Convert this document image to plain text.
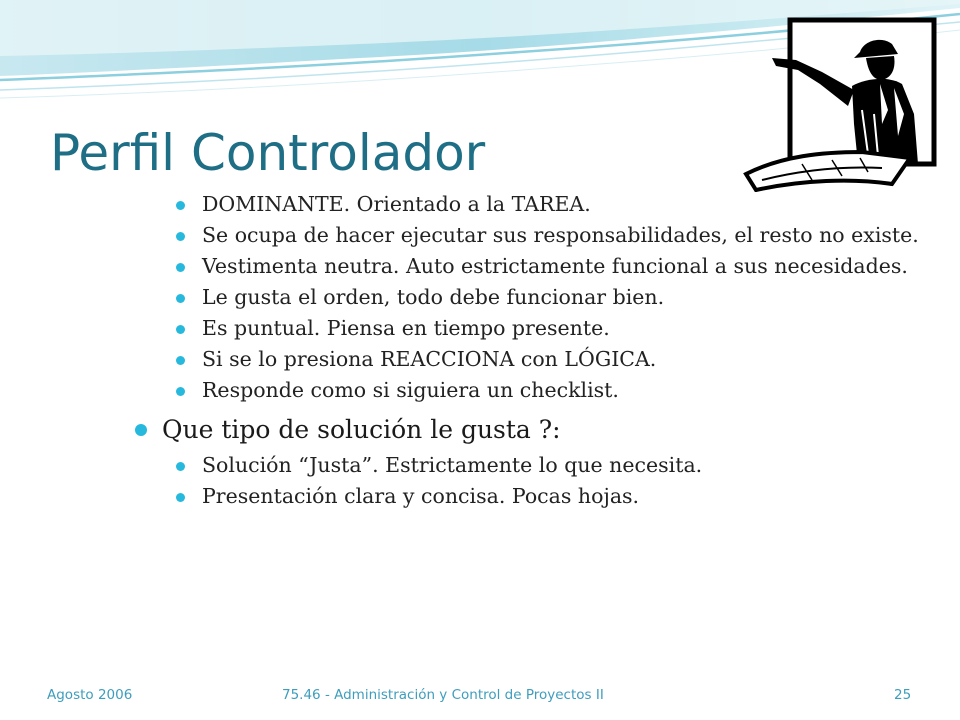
Perfil Controlador
DOMINANTE. Orientado a la TAREA.
Se ocupa de hacer ejecutar sus responsabilidades, el resto no existe.
Vestimenta neutra. Auto estrictamente funcional a sus necesidades.
Le gusta el orden, todo debe funcionar bien.
Es puntual. Piensa en tiempo presente.
Si se lo presiona REACCIONA con LÓGICA.
Responde como si siguiera un checklist.
Que tipo de solución le gusta ?:
Solución “Justa”. Estrictamente lo que necesita.
Presentación clara y concisa. Pocas hojas.
Agosto 2006	75.46 - Administración y Control de Proyectos II	25
